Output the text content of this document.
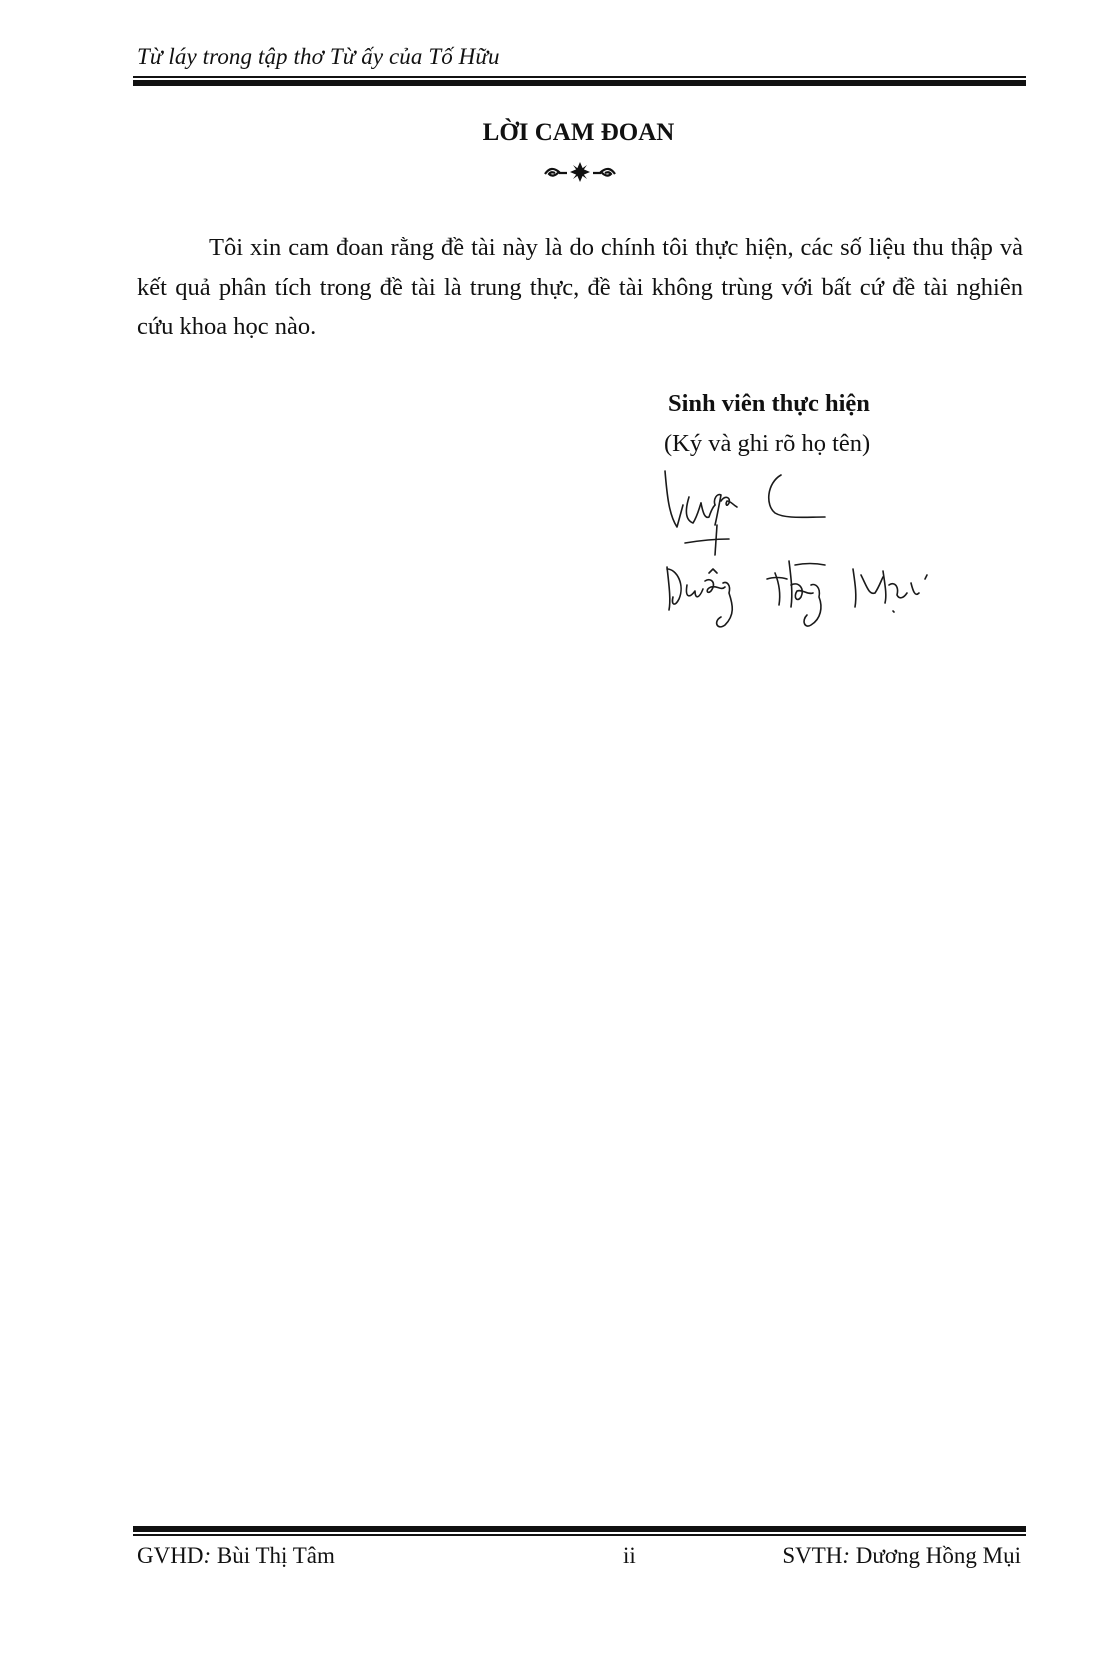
Từ láy trong tập thơ Từ ấy của Tố Hữu
LỜI CAM ĐOAN
Tôi xin cam đoan rằng đề tài này là do chính tôi thực hiện, các số liệu thu thập và kết quả phân tích trong đề tài là trung thực, đề tài không trùng với bất cứ đề tài nghiên cứu khoa học nào.
Sinh viên thực hiện
(Ký và ghi rõ họ tên)
GVHD: Bùi Thị Tâm	ii	SVTH: Dương Hồng Mụi
